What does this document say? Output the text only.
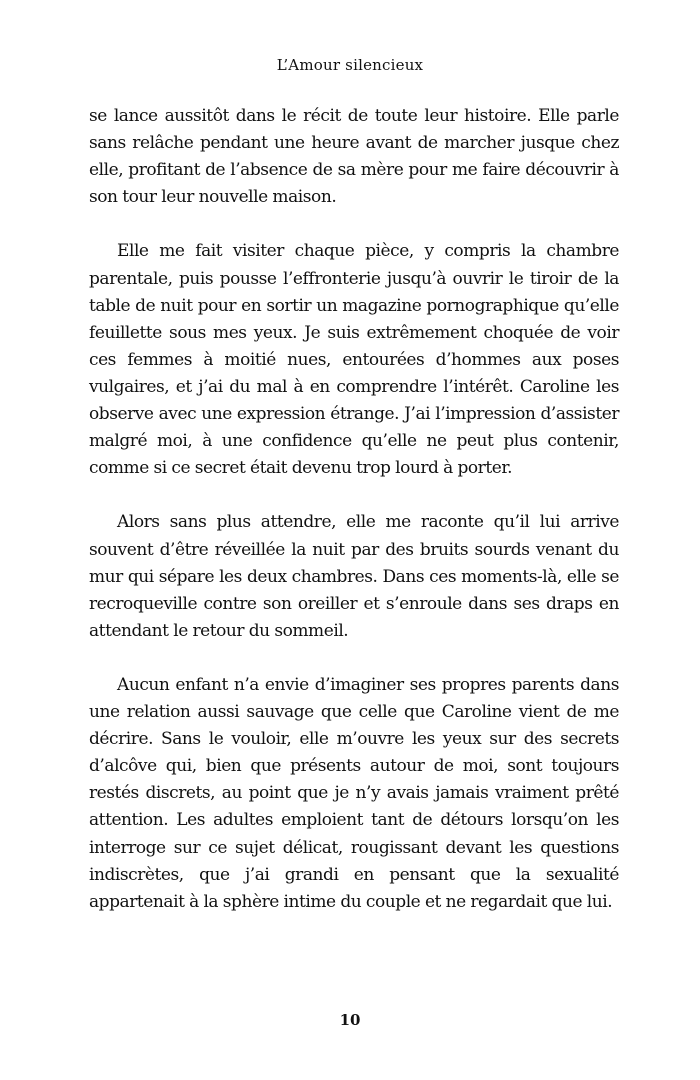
L’Amour silencieux

se lance aussitôt dans le récit de toute leur histoire. Elle parle sans relâche pendant une heure avant de marcher jusque chez elle, profitant de l’absence de sa mère pour me faire découvrir à son tour leur nouvelle maison.

Elle me fait visiter chaque pièce, y compris la chambre parentale, puis pousse l’effronterie jusqu’à ouvrir le tiroir de la table de nuit pour en sortir un magazine pornographique qu’elle feuillette sous mes yeux. Je suis extrêmement choquée de voir ces femmes à moitié nues, entourées d’hommes aux poses vulgaires, et j’ai du mal à en comprendre l’intérêt. Caroline les observe avec une expression étrange. J’ai l’impression d’assister malgré moi, à une confidence qu’elle ne peut plus contenir, comme si ce secret était devenu trop lourd à porter.

Alors sans plus attendre, elle me raconte qu’il lui arrive souvent d’être réveillée la nuit par des bruits sourds venant du mur qui sépare les deux chambres. Dans ces moments-là, elle se recroqueville contre son oreiller et s’enroule dans ses draps en attendant le retour du sommeil.

Aucun enfant n’a envie d’imaginer ses propres parents dans une relation aussi sauvage que celle que Caroline vient de me décrire. Sans le vouloir, elle m’ouvre les yeux sur des secrets d’alcôve qui, bien que présents autour de moi, sont toujours restés discrets, au point que je n’y avais jamais vraiment prêté attention. Les adultes emploient tant de détours lorsqu’on les interroge sur ce sujet délicat, rougissant devant les questions indiscrètes, que j’ai grandi en pensant que la sexualité appartenait à la sphère intime du couple et ne regardait que lui.

10
